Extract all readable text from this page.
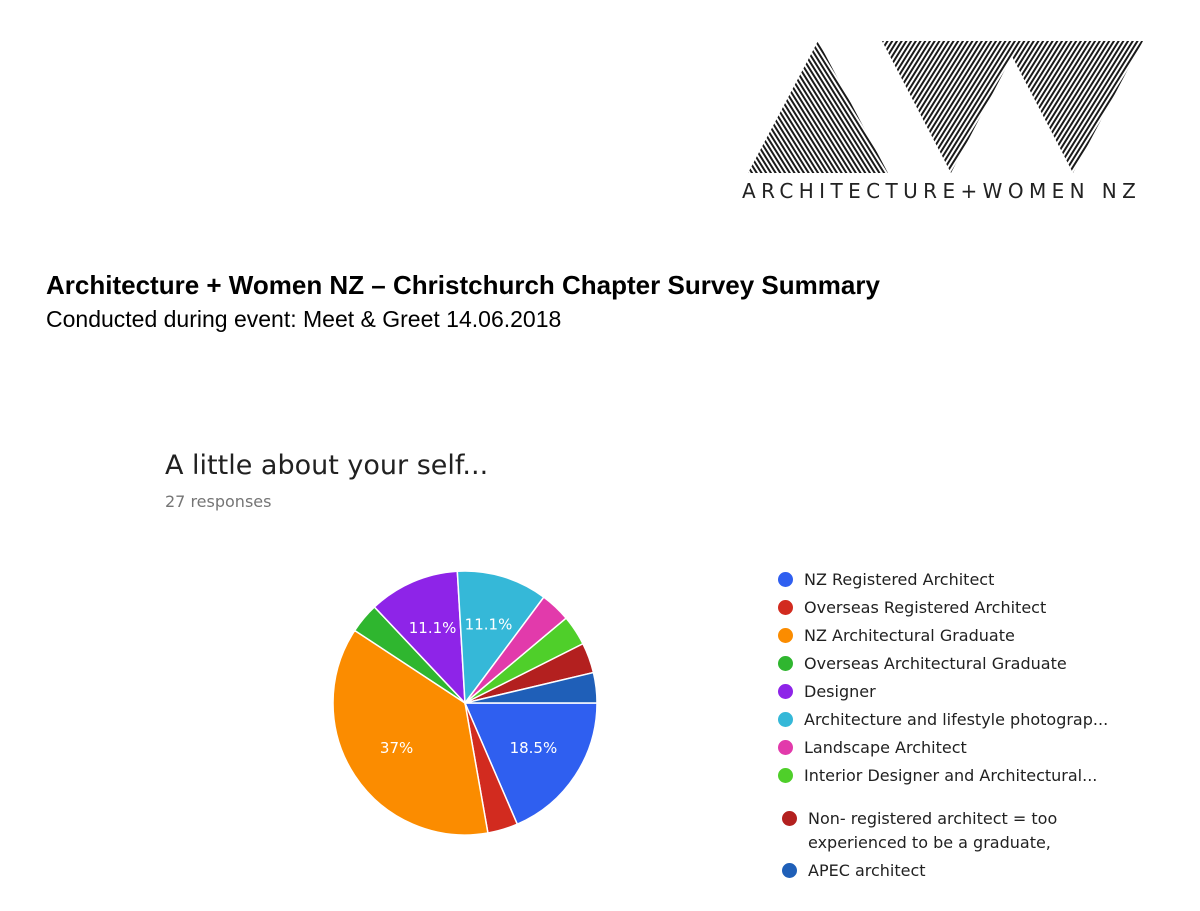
ARCHITECTURE+WOMEN NZ
Architecture + Women NZ – Christchurch Chapter Survey Summary
Conducted during event: Meet & Greet 14.06.2018
A little about your self...
27 responses
18.5%
37%
11.1% 11.1%
NZ Registered Architect
Overseas Registered Architect
NZ Architectural Graduate
Overseas Architectural Graduate
Designer
Architecture and lifestyle photograp...
Landscape Architect
Interior Designer and Architectural...
Non- registered architect = too experienced to be a graduate,
APEC architect
